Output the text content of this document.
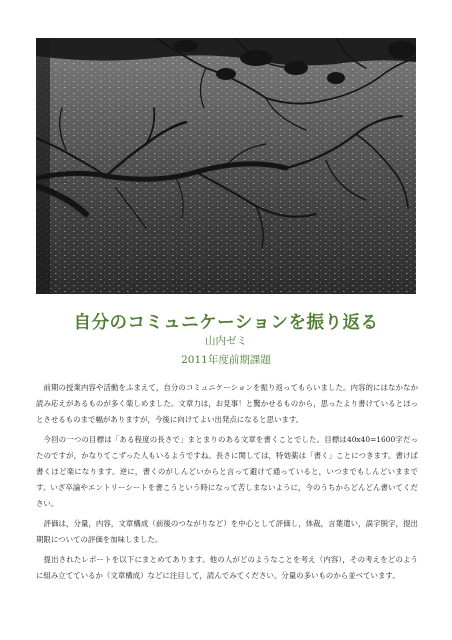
自分のコミュニケーションを振り返る
山内ゼミ
2011年度前期課題

前期の授業内容や活動をふまえて，自分のコミュニケーションを振り返ってもらいました。内容的にはなかなか読み応えがあるものが多く楽しめました。文章力は，お見事！と驚かせるものから，思ったより書けているとほっとさせるものまで幅がありますが，今後に向けてよい出発点になると思います。

今回の一つの目標は「ある程度の長さで」まとまりのある文章を書くことでした。目標は40x40=1600字だったのですが，かなりてこずった人もいるようですね。長さに関しては，特効薬は「書く」ことにつきます。書けば書くほど楽になります。逆に，書くのがしんどいからと言って避けて通っていると，いつまでもしんどいままです。いざ卒論やエントリーシートを書こうという時になって苦しまないように，今のうちからどんどん書いてください。

評価は，分量，内容，文章構成（前後のつながりなど）を中心として評価し，体裁，言葉遣い，誤字脱字，提出期限についての評価を加味しました。

提出されたレポートを以下にまとめてあります。他の人がどのようなことを考え（内容），その考えをどのように組み立てているか（文章構成）などに注目して，読んでみてください。分量の多いものから並べています。
